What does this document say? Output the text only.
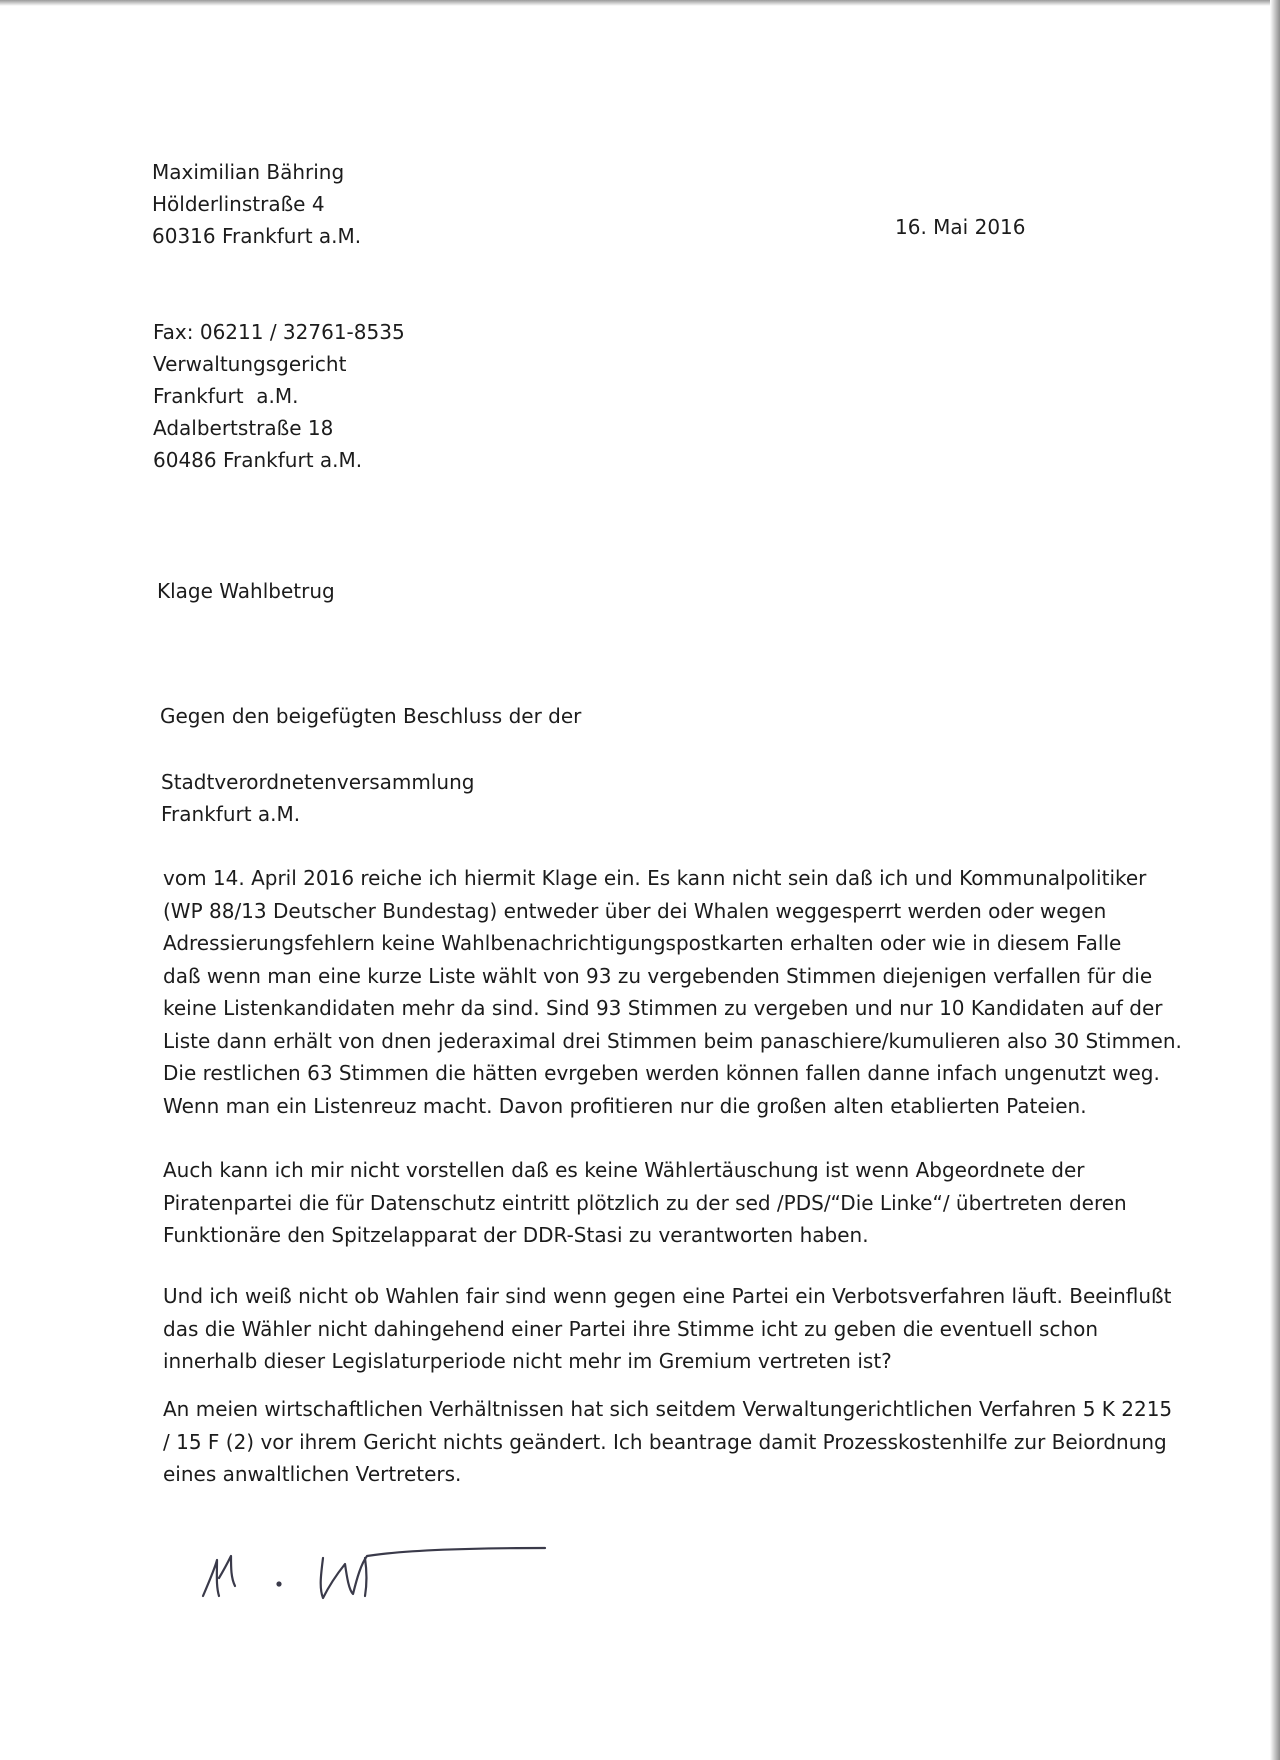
Maximilian Bähring
Hölderlinstraße 4
60316 Frankfurt a.M.	16. Mai 2016
Fax: 06211 / 32761-8535
Verwaltungsgericht
Frankfurt  a.M.
Adalbertstraße 18
60486 Frankfurt a.M.
Klage Wahlbetrug
Gegen den beigefügten Beschluss der der
Stadtverordnetenversammlung
Frankfurt a.M.
vom 14. April 2016 reiche ich hiermit Klage ein. Es kann nicht sein daß ich und Kommunalpolitiker
(WP 88/13 Deutscher Bundestag) entweder über dei Whalen weggesperrt werden oder wegen
Adressierungsfehlern keine Wahlbenachrichtigungspostkarten erhalten oder wie in diesem Falle
daß wenn man eine kurze Liste wählt von 93 zu vergebenden Stimmen diejenigen verfallen für die
keine Listenkandidaten mehr da sind. Sind 93 Stimmen zu vergeben und nur 10 Kandidaten auf der
Liste dann erhält von dnen jederaximal drei Stimmen beim panaschiere/kumulieren also 30 Stimmen.
Die restlichen 63 Stimmen die hätten evrgeben werden können fallen danne infach ungenutzt weg.
Wenn man ein Listenreuz macht. Davon profitieren nur die großen alten etablierten Pateien.
Auch kann ich mir nicht vorstellen daß es keine Wählertäuschung ist wenn Abgeordnete der
Piratenpartei die für Datenschutz eintritt plötzlich zu der sed /PDS/“Die Linke“/ übertreten deren
Funktionäre den Spitzelapparat der DDR-Stasi zu verantworten haben.
Und ich weiß nicht ob Wahlen fair sind wenn gegen eine Partei ein Verbotsverfahren läuft. Beeinflußt
das die Wähler nicht dahingehend einer Partei ihre Stimme icht zu geben die eventuell schon
innerhalb dieser Legislaturperiode nicht mehr im Gremium vertreten ist?
An meien wirtschaftlichen Verhältnissen hat sich seitdem Verwaltungerichtlichen Verfahren 5 K 2215
/ 15 F (2) vor ihrem Gericht nichts geändert. Ich beantrage damit Prozesskostenhilfe zur Beiordnung
eines anwaltlichen Vertreters.
